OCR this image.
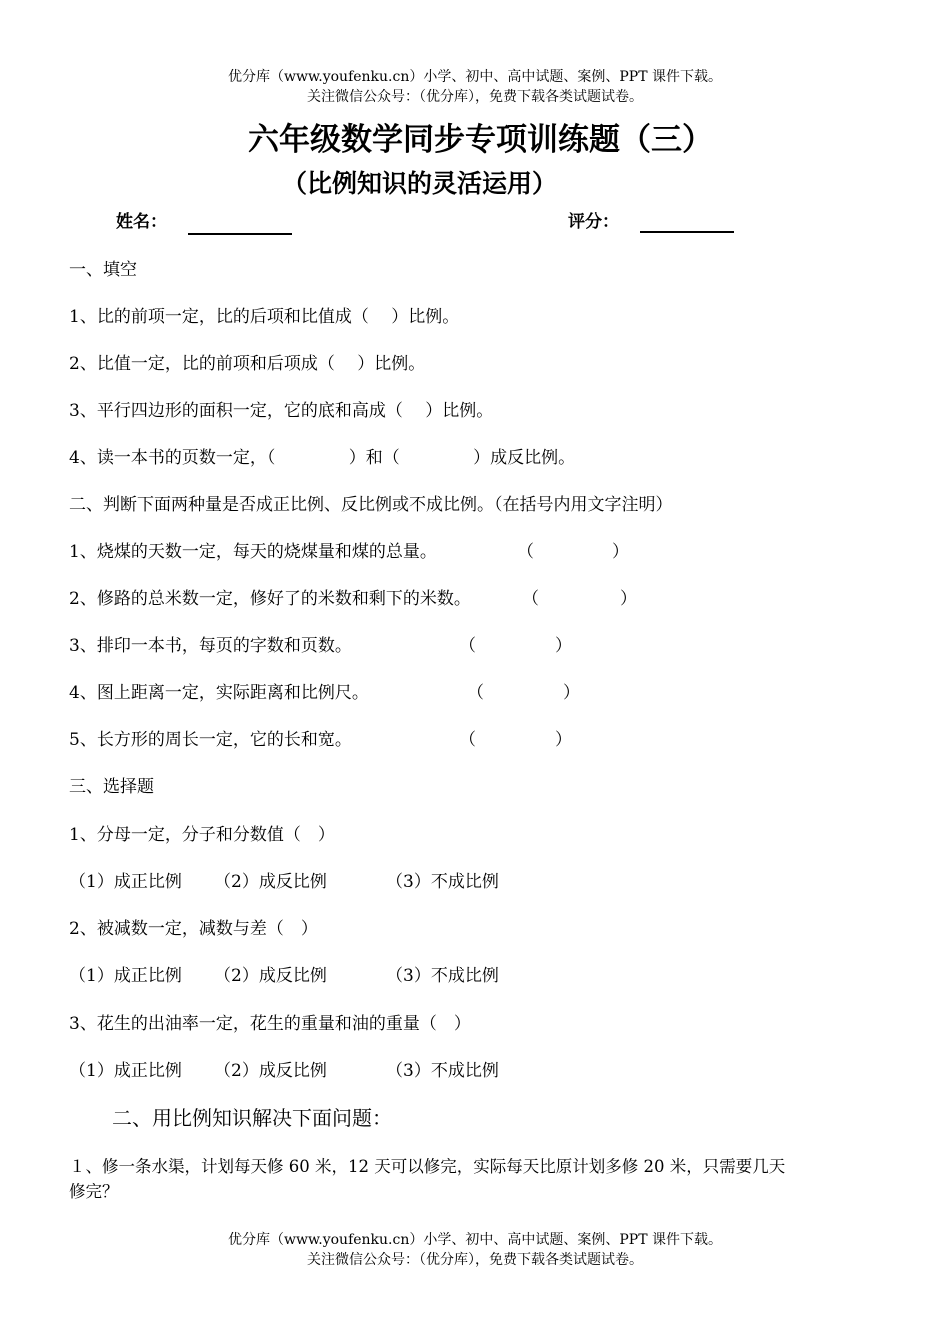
优分库（www.youfenku.cn）小学、初中、高中试题、案例、PPT 课件下载。
关注微信公众号：（优分库），免费下载各类试题试卷。
六年级数学同步专项训练题（三）
（比例知识的灵活运用）
姓名：	评分：
一、填空
1、比的前项一定，比的后项和比值成（　 ）比例。
2、比值一定，比的前项和后项成（　 ）比例。
3、平行四边形的面积一定，它的底和高成（　 ）比例。
4、读一本书的页数一定，（　　　　 ）和（　　　　 ）成反比例。
二、判断下面两种量是否成正比例、反比例或不成比例。（在括号内用文字注明）
1、烧煤的天数一定，每天的烧煤量和煤的总量。	（	）
2、修路的总米数一定，修好了的米数和剩下的米数。	（	）
3、排印一本书，每页的字数和页数。	（	）
4、图上距离一定，实际距离和比例尺。	（	）
5、长方形的周长一定，它的长和宽。	（	）
三、选择题
1、分母一定，分子和分数值（　）
（1）成正比例 （2）成反比例	（3）不成比例
2、被减数一定，减数与差（　）
（1）成正比例 （2）成反比例	（3）不成比例
3、花生的出油率一定，花生的重量和油的重量（　）
（1）成正比例 （2）成反比例	（3）不成比例
二、用比例知识解决下面问题：
１、修一条水渠，计划每天修 60 米，12 天可以修完，实际每天比原计划多修 20 米，只需要几天
修完？
优分库（www.youfenku.cn）小学、初中、高中试题、案例、PPT 课件下载。
关注微信公众号：（优分库），免费下载各类试题试卷。
